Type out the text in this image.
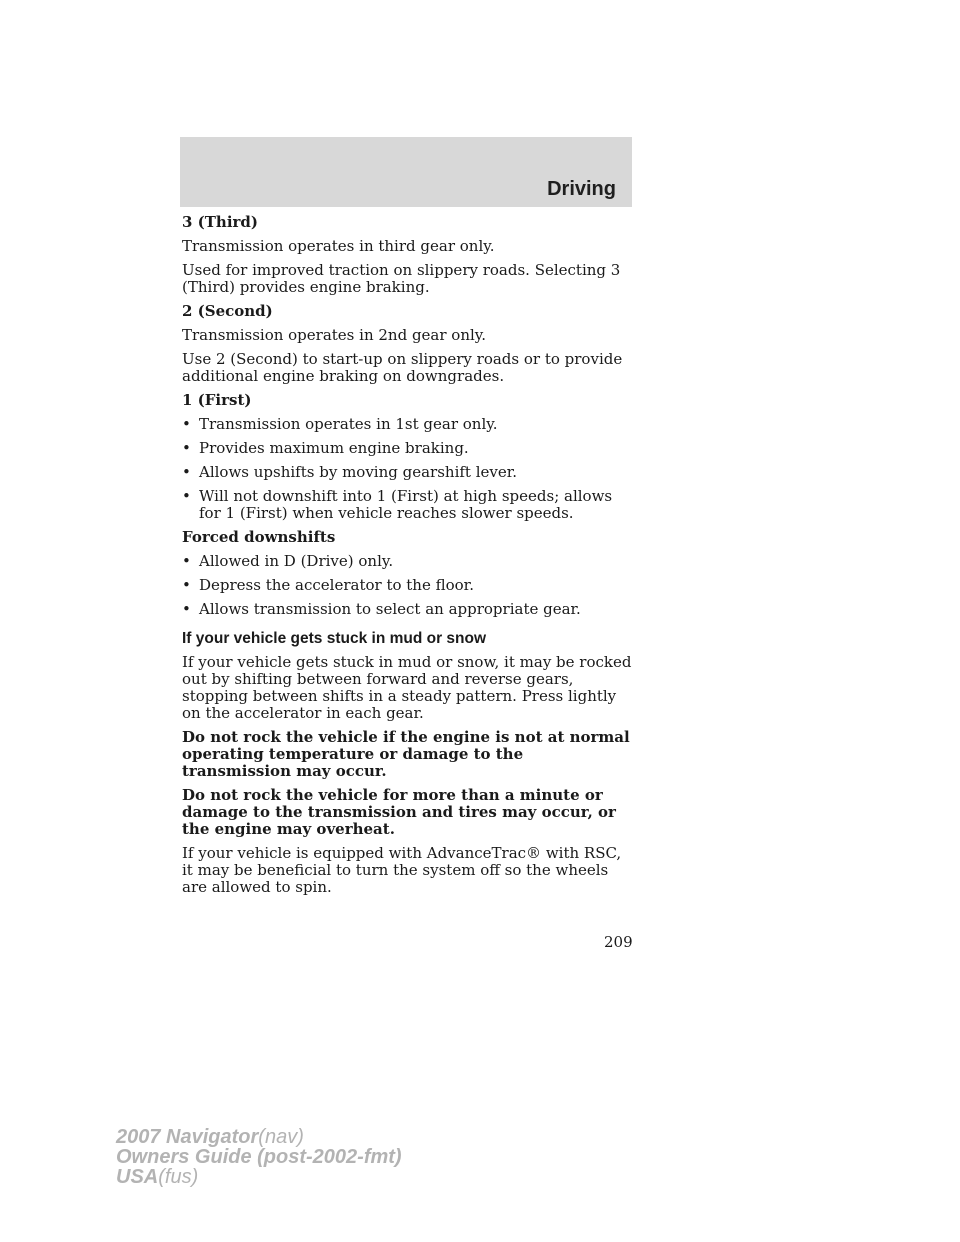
Driving

3 (Third)

Transmission operates in third gear only.

Used for improved traction on slippery roads. Selecting 3 (Third) provides engine braking.

2 (Second)

Transmission operates in 2nd gear only.

Use 2 (Second) to start-up on slippery roads or to provide additional engine braking on downgrades.

1 (First)

• Transmission operates in 1st gear only.
• Provides maximum engine braking.
• Allows upshifts by moving gearshift lever.
• Will not downshift into 1 (First) at high speeds; allows for 1 (First) when vehicle reaches slower speeds.

Forced downshifts

• Allowed in D (Drive) only.
• Depress the accelerator to the floor.
• Allows transmission to select an appropriate gear.

If your vehicle gets stuck in mud or snow

If your vehicle gets stuck in mud or snow, it may be rocked out by shifting between forward and reverse gears, stopping between shifts in a steady pattern. Press lightly on the accelerator in each gear.

Do not rock the vehicle if the engine is not at normal operating temperature or damage to the transmission may occur.

Do not rock the vehicle for more than a minute or damage to the transmission and tires may occur, or the engine may overheat.

If your vehicle is equipped with AdvanceTrac® with RSC, it may be beneficial to turn the system off so the wheels are allowed to spin.

209
2007 Navigator(nav)
Owners Guide (post-2002-fmt)
USA(fus)
